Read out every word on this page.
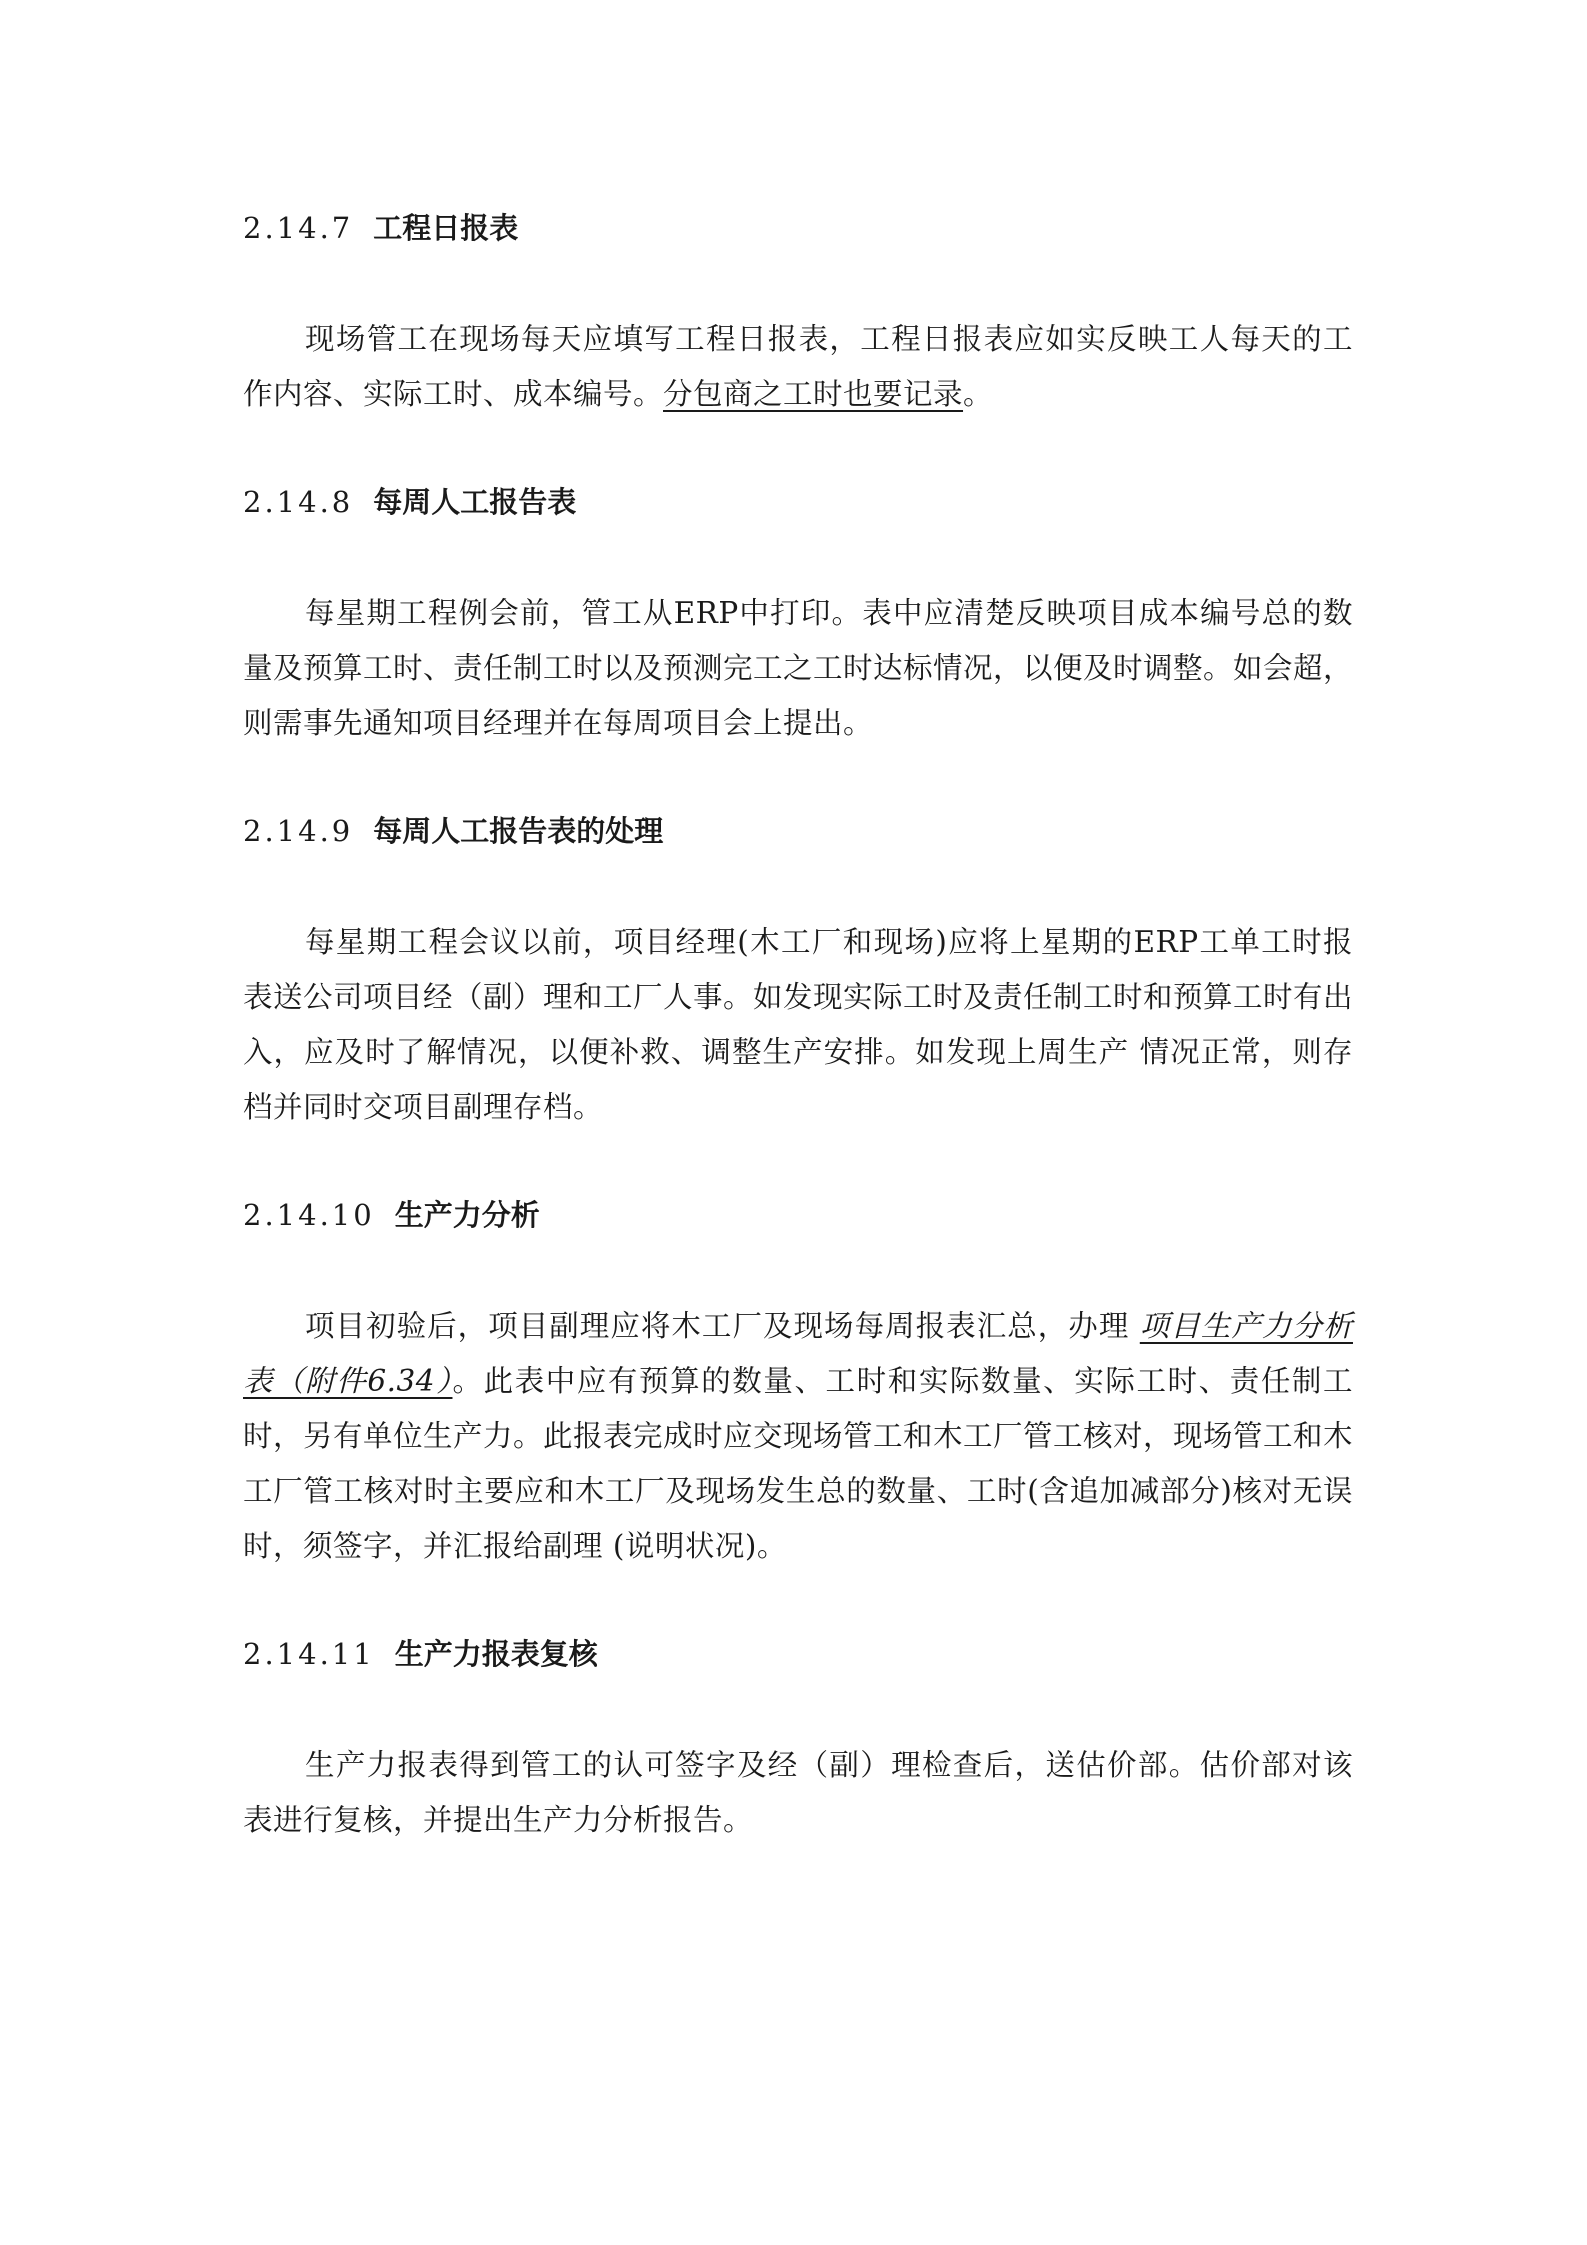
2.14.7 工程日报表

现场管工在现场每天应填写工程日报表，工程日报表应如实反映工人每天的工作内容、实际工时、成本编号。分包商之工时也要记录。

2.14.8 每周人工报告表

每星期工程例会前，管工从ERP中打印。表中应清楚反映项目成本编号总的数量及预算工时、责任制工时以及预测完工之工时达标情况，以便及时调整。如会超，则需事先通知项目经理并在每周项目会上提出。

2.14.9 每周人工报告表的处理

每星期工程会议以前，项目经理(木工厂和现场)应将上星期的ERP工单工时报表送公司项目经（副）理和工厂人事。如发现实际工时及责任制工时和预算工时有出入，应及时了解情况，以便补救、调整生产安排。如发现上周生产 情况正常，则存档并同时交项目副理存档。

2.14.10 生产力分析

项目初验后，项目副理应将木工厂及现场每周报表汇总，办理 项目生产力分析表（附件6.34）。此表中应有预算的数量、工时和实际数量、实际工时、责任制工时，另有单位生产力。此报表完成时应交现场管工和木工厂管工核对，现场管工和木工厂管工核对时主要应和木工厂及现场发生总的数量、工时(含追加减部分)核对无误时，须签字，并汇报给副理 (说明状况)。

2.14.11 生产力报表复核

生产力报表得到管工的认可签字及经（副）理检查后，送估价部。估价部对该表进行复核，并提出生产力分析报告。
